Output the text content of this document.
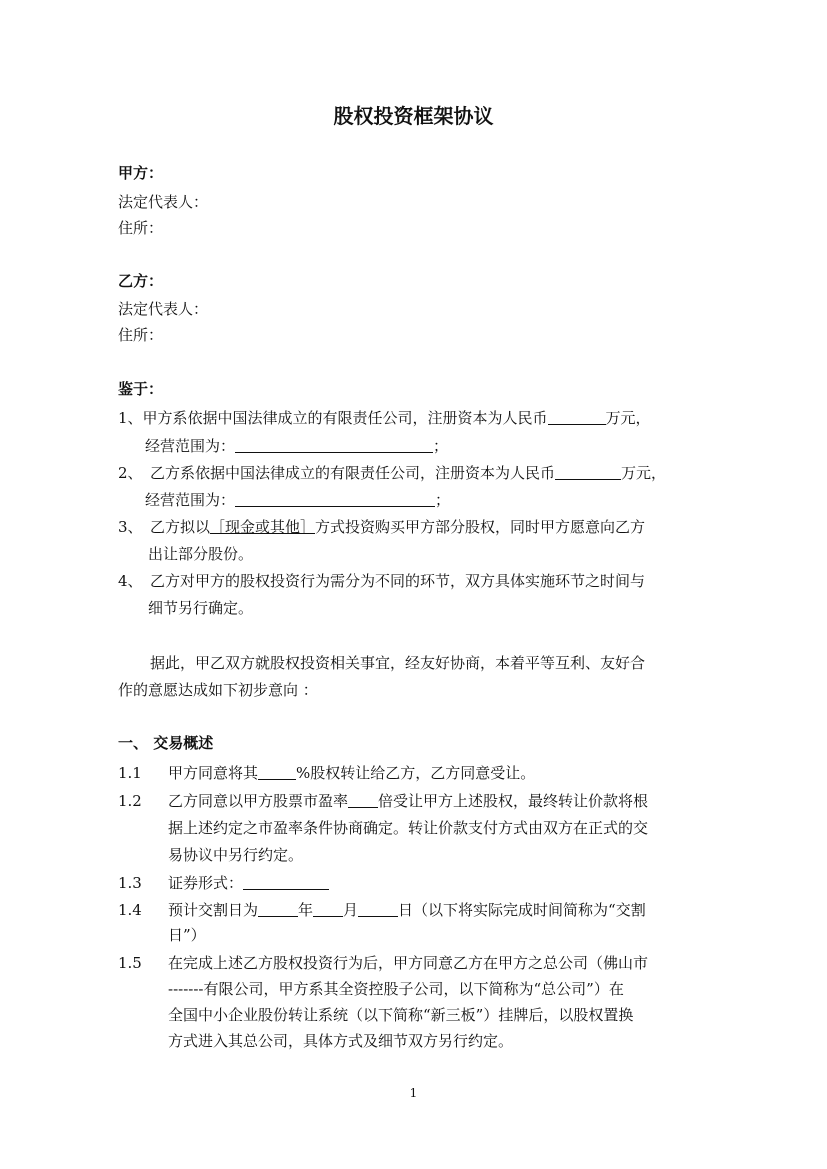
股权投资框架协议
甲方：
法定代表人：
住所：
乙方：
法定代表人：
住所：
鉴于：
1、甲方系依据中国法律成立的有限责任公司，注册资本为人民币	万元，
经营范围为：	；
2、 乙方系依据中国法律成立的有限责任公司，注册资本为人民币	万元，
经营范围为：	；
3、 乙方拟以［现金或其他］方式投资购买甲方部分股权，同时甲方愿意向乙方
出让部分股份。
4、 乙方对甲方的股权投资行为需分为不同的环节，双方具体实施环节之时间与
细节另行确定。
据此，甲乙双方就股权投资相关事宜，经友好协商，本着平等互利、友好合
作的意愿达成如下初步意向 ：
一、 交易概述
1.1 甲方同意将其	%股权转让给乙方，乙方同意受让。
1.2 乙方同意以甲方股票市盈率 倍受让甲方上述股权，最终转让价款将根
据上述约定之市盈率条件协商确定。转让价款支付方式由双方在正式的交
易协议中另行约定。
1.3 证券形式：
1.4 预计交割日为	年 月	日（以下将实际完成时间简称为“交割
日”）
1.5 在完成上述乙方股权投资行为后，甲方同意乙方在甲方之总公司（佛山市
-------有限公司，甲方系其全资控股子公司，以下简称为“总公司”）在
全国中小企业股份转让系统（以下简称“新三板”）挂牌后，以股权置换
方式进入其总公司，具体方式及细节双方另行约定。
1
